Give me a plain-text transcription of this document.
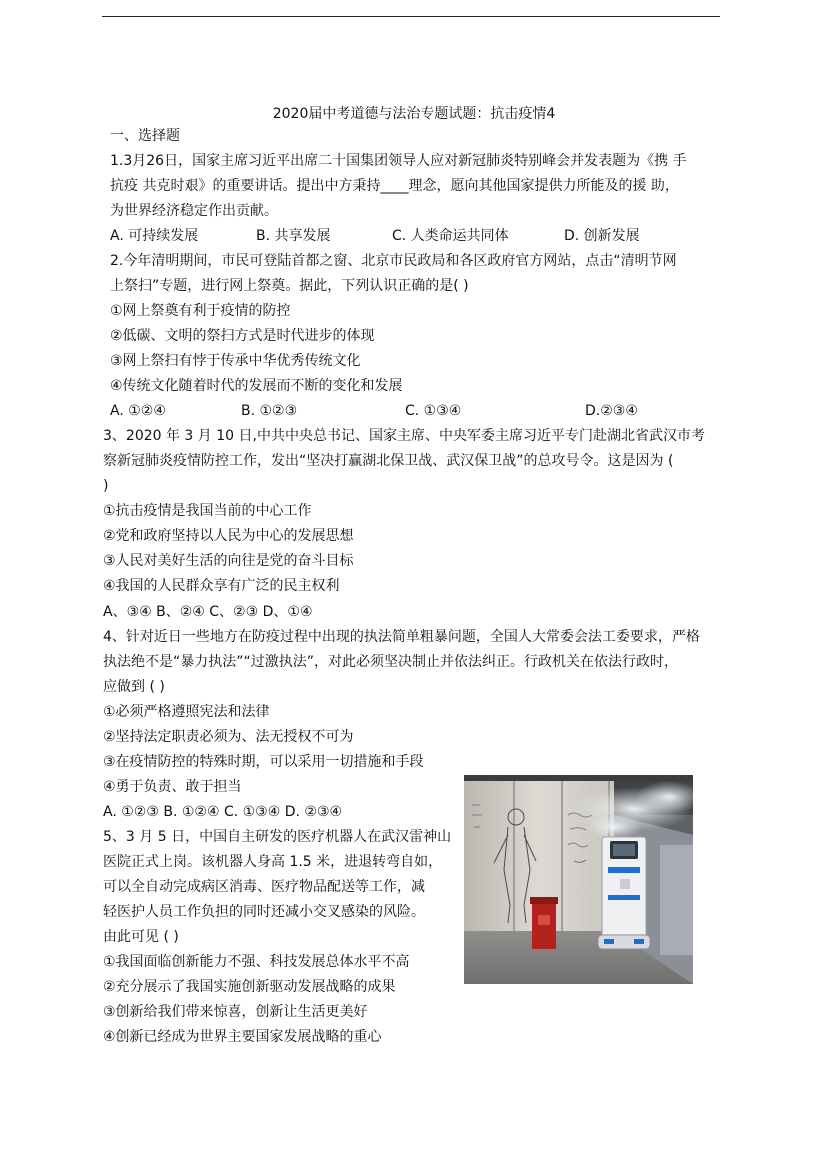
2020届中考道德与法治专题试题：抗击疫情4
一、选择题
1.3月26日，国家主席习近平出席二十国集团领导人应对新冠肺炎特别峰会并发表题为《携 手
抗疫 共克时艰》的重要讲话。提出中方秉持____理念，愿向其他国家提供力所能及的援 助，
为世界经济稳定作出贡献。
A. 可持续发展	B. 共享发展	C. 人类命运共同体	D. 创新发展
2.今年清明期间，市民可登陆首都之窗、北京市民政局和各区政府官方网站，点击“清明节网
上祭扫”专题，进行网上祭奠。据此，下列认识正确的是( )
①网上祭奠有利于疫情的防控
②低碳、文明的祭扫方式是时代进步的体现
③网上祭扫有悖于传承中华优秀传统文化
④传统文化随着时代的发展而不断的变化和发展
A. ①②④	B. ①②③	C. ①③④	D.②③④
3、2020 年 3 月 10 日,中共中央总书记、国家主席、中央军委主席习近平专门赴湖北省武汉市考
察新冠肺炎疫情防控工作，发出“坚决打赢湖北保卫战、武汉保卫战”的总攻号令。这是因为 (
)
①抗击疫情是我国当前的中心工作
②党和政府坚持以人民为中心的发展思想
③人民对美好生活的向往是党的奋斗目标
④我国的人民群众享有广泛的民主权利
A、③④ B、②④ C、②③ D、①④
4、针对近日一些地方在防疫过程中出现的执法简单粗暴问题，全国人大常委会法工委要求，严格
执法绝不是“暴力执法”“过激执法”，对此必须坚决制止并依法纠正。行政机关在依法行政时，
应做到 ( )
①必须严格遵照宪法和法律
②坚持法定职责必须为、法无授权不可为
③在疫情防控的特殊时期，可以采用一切措施和手段
④勇于负责、敢于担当
A. ①②③ B. ①②④ C. ①③④ D. ②③④
5、3 月 5 日，中国自主研发的医疗机器人在武汉雷神山
医院正式上岗。该机器人身高 1.5 米，进退转弯自如，
可以全自动完成病区消毒、医疗物品配送等工作，减
轻医护人员工作负担的同时还减小交叉感染的风险。
由此可见 ( )
①我国面临创新能力不强、科技发展总体水平不高
②充分展示了我国实施创新驱动发展战略的成果
③创新给我们带来惊喜，创新让生活更美好
④创新已经成为世界主要国家发展战略的重心
